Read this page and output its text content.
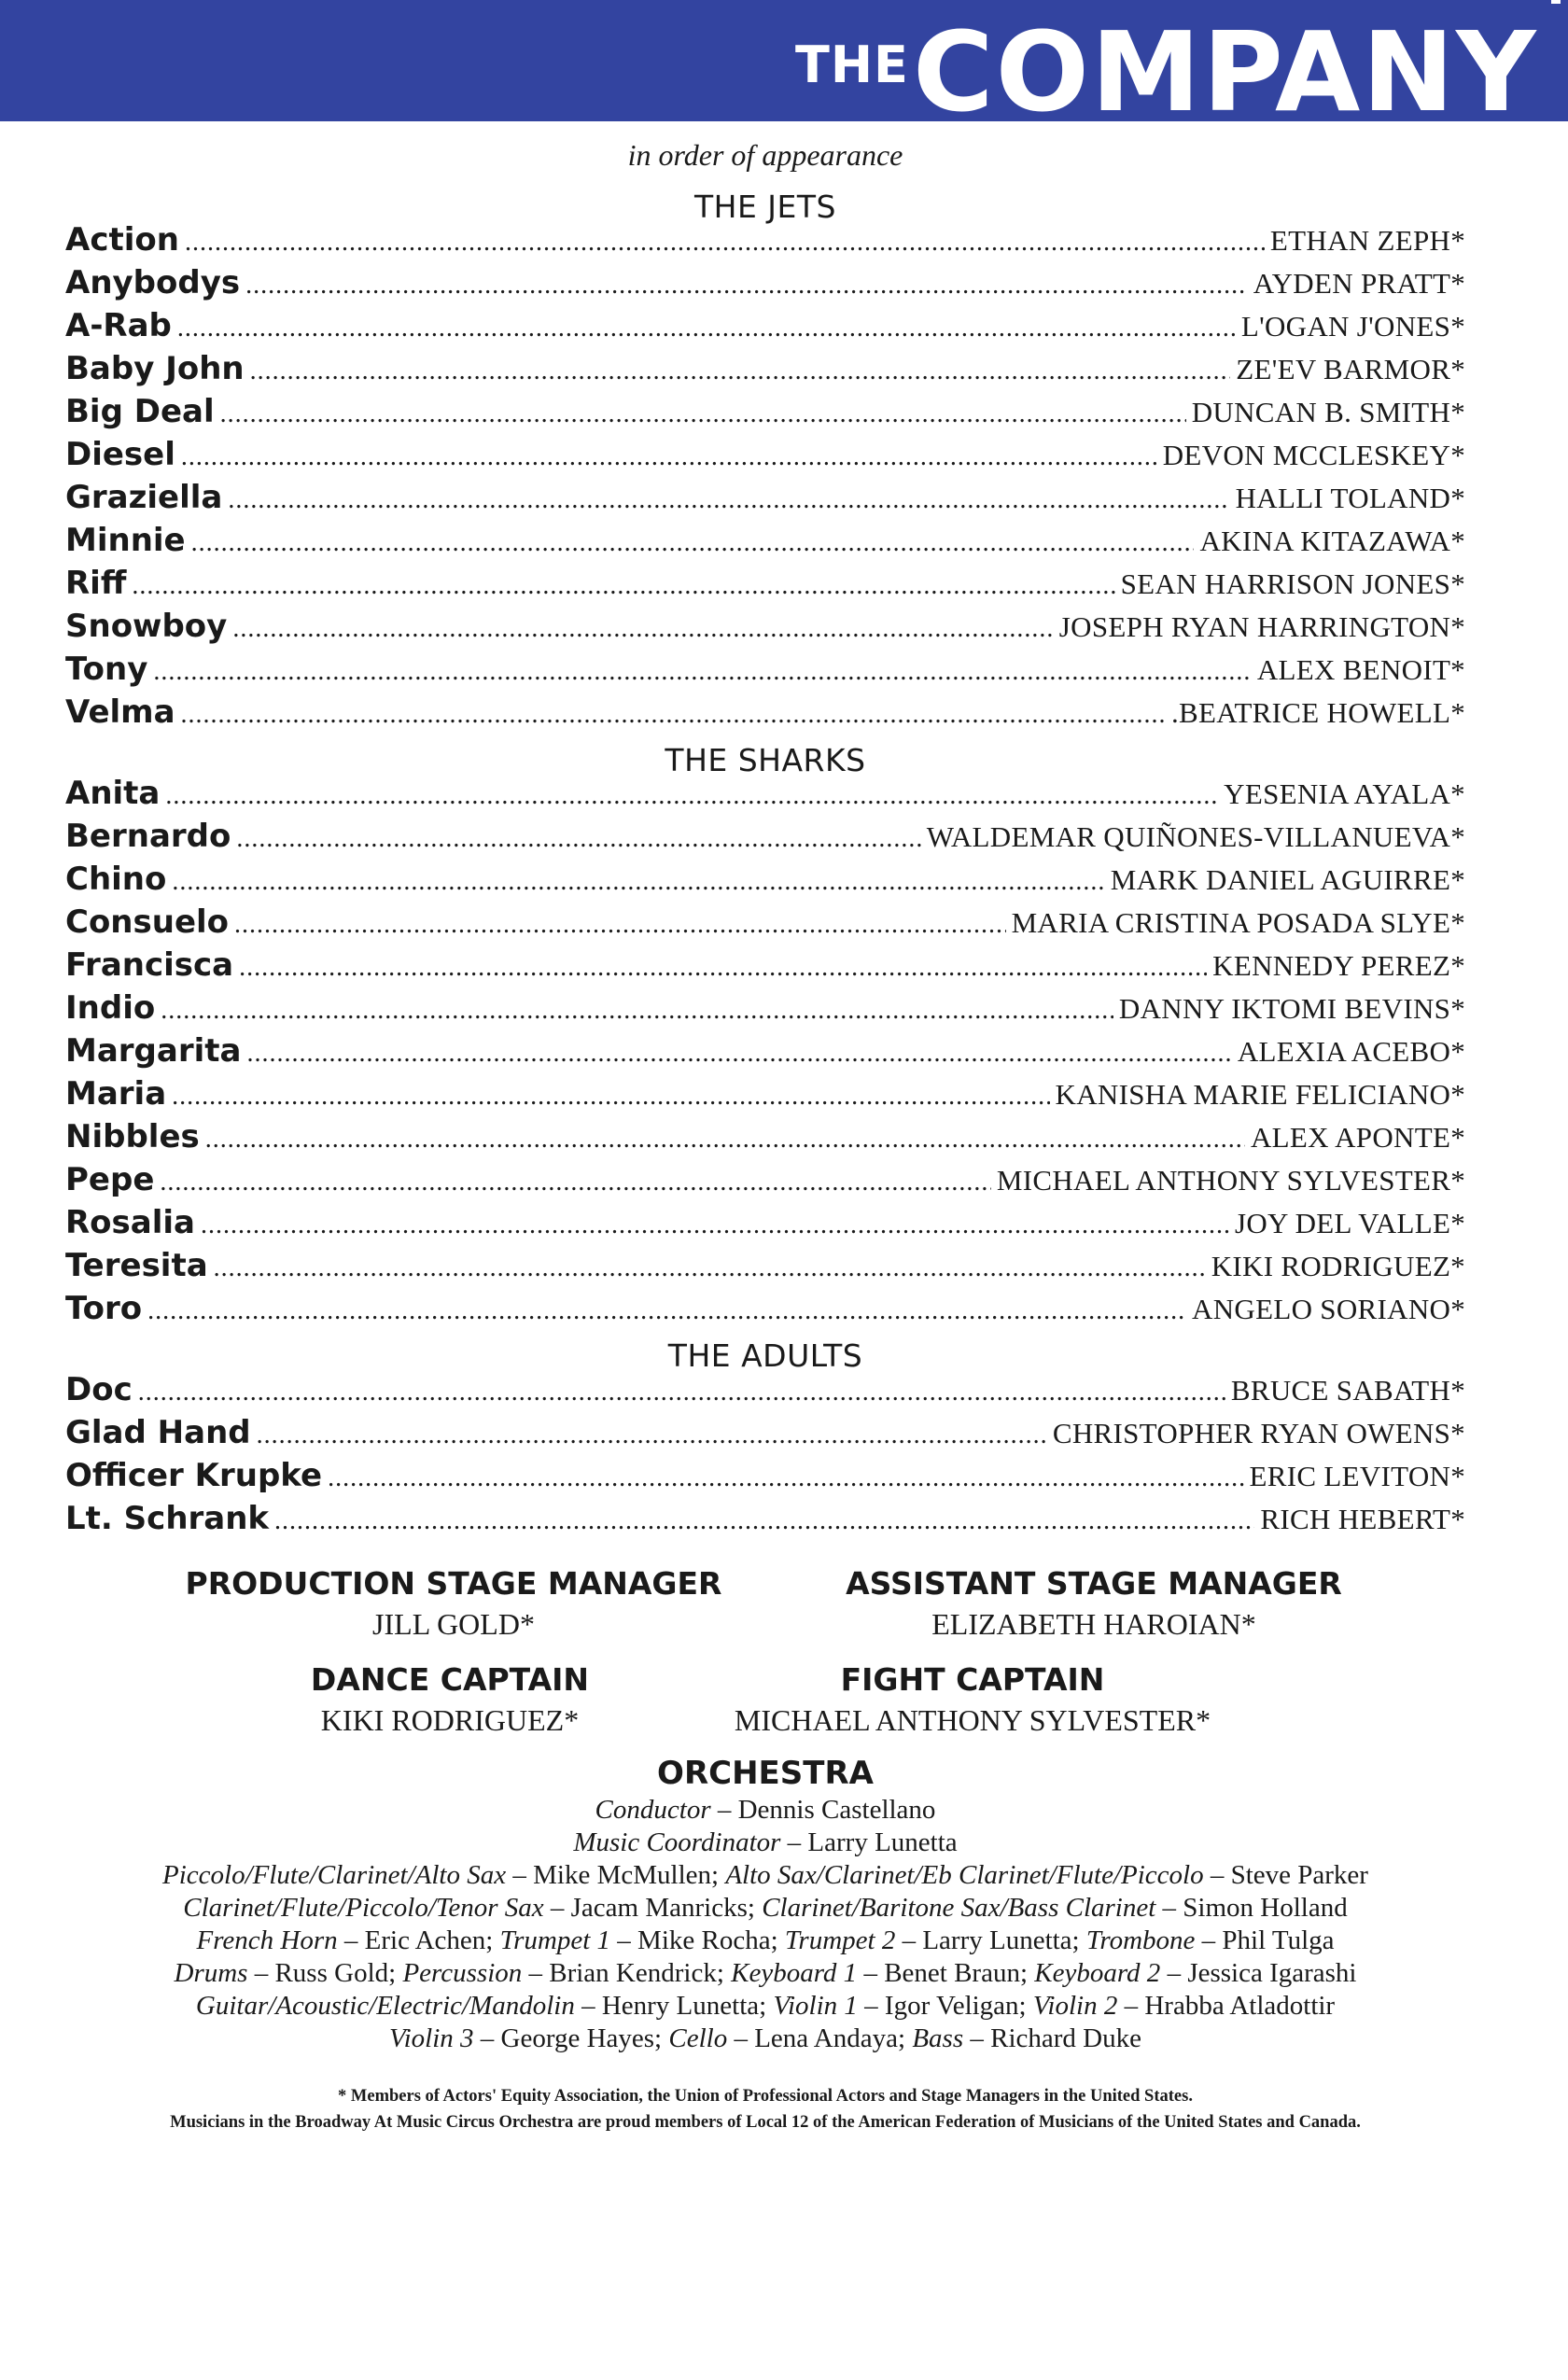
THE COMPANY
in order of appearance
THE JETS
Action .....	ETHAN ZEPH*
Anybodys .....	AYDEN PRATT*
A-Rab .....	L'OGAN J'ONES*
Baby John .....	ZE'EV BARMOR*
Big Deal .....	DUNCAN B. SMITH*
Diesel .....	DEVON MCCLESKEY*
Graziella .....	HALLI TOLAND*
Minnie .....	AKINA KITAZAWA*
Riff .....	SEAN HARRISON JONES*
Snowboy .....	JOSEPH RYAN HARRINGTON*
Tony .....	ALEX BENOIT*
Velma .....	.BEATRICE HOWELL*
THE SHARKS
Anita .....	YESENIA AYALA*
Bernardo .....	WALDEMAR QUIÑONES-VILLANUEVA*
Chino .....	MARK DANIEL AGUIRRE*
Consuelo .....	MARIA CRISTINA POSADA SLYE*
Francisca .....	KENNEDY PEREZ*
Indio .....	DANNY IKTOMI BEVINS*
Margarita .....	ALEXIA ACEBO*
Maria .....	KANISHA MARIE FELICIANO*
Nibbles .....	ALEX APONTE*
Pepe .....	MICHAEL ANTHONY SYLVESTER*
Rosalia .....	JOY DEL VALLE*
Teresita .....	KIKI RODRIGUEZ*
Toro .....	ANGELO SORIANO*
THE ADULTS
Doc .....	BRUCE SABATH*
Glad Hand .....	CHRISTOPHER RYAN OWENS*
Officer Krupke .....	ERIC LEVITON*
Lt. Schrank .....	RICH HEBERT*
PRODUCTION STAGE MANAGER
JILL GOLD*
ASSISTANT STAGE MANAGER
ELIZABETH HAROIAN*
DANCE CAPTAIN
KIKI RODRIGUEZ*
FIGHT CAPTAIN
MICHAEL ANTHONY SYLVESTER*
ORCHESTRA
Conductor – Dennis Castellano
Music Coordinator – Larry Lunetta
Piccolo/Flute/Clarinet/Alto Sax – Mike McMullen; Alto Sax/Clarinet/Eb Clarinet/Flute/Piccolo – Steve Parker
Clarinet/Flute/Piccolo/Tenor Sax – Jacam Manricks; Clarinet/Baritone Sax/Bass Clarinet – Simon Holland
French Horn – Eric Achen; Trumpet 1 – Mike Rocha; Trumpet 2 – Larry Lunetta; Trombone – Phil Tulga
Drums – Russ Gold; Percussion – Brian Kendrick; Keyboard 1 – Benet Braun; Keyboard 2 – Jessica Igarashi
Guitar/Acoustic/Electric/Mandolin – Henry Lunetta; Violin 1 – Igor Veligan; Violin 2 – Hrabba Atladottir
Violin 3 – George Hayes; Cello – Lena Andaya; Bass – Richard Duke
* Members of Actors' Equity Association, the Union of Professional Actors and Stage Managers in the United States.
Musicians in the Broadway At Music Circus Orchestra are proud members of Local 12 of the American Federation of Musicians of the United States and Canada.
